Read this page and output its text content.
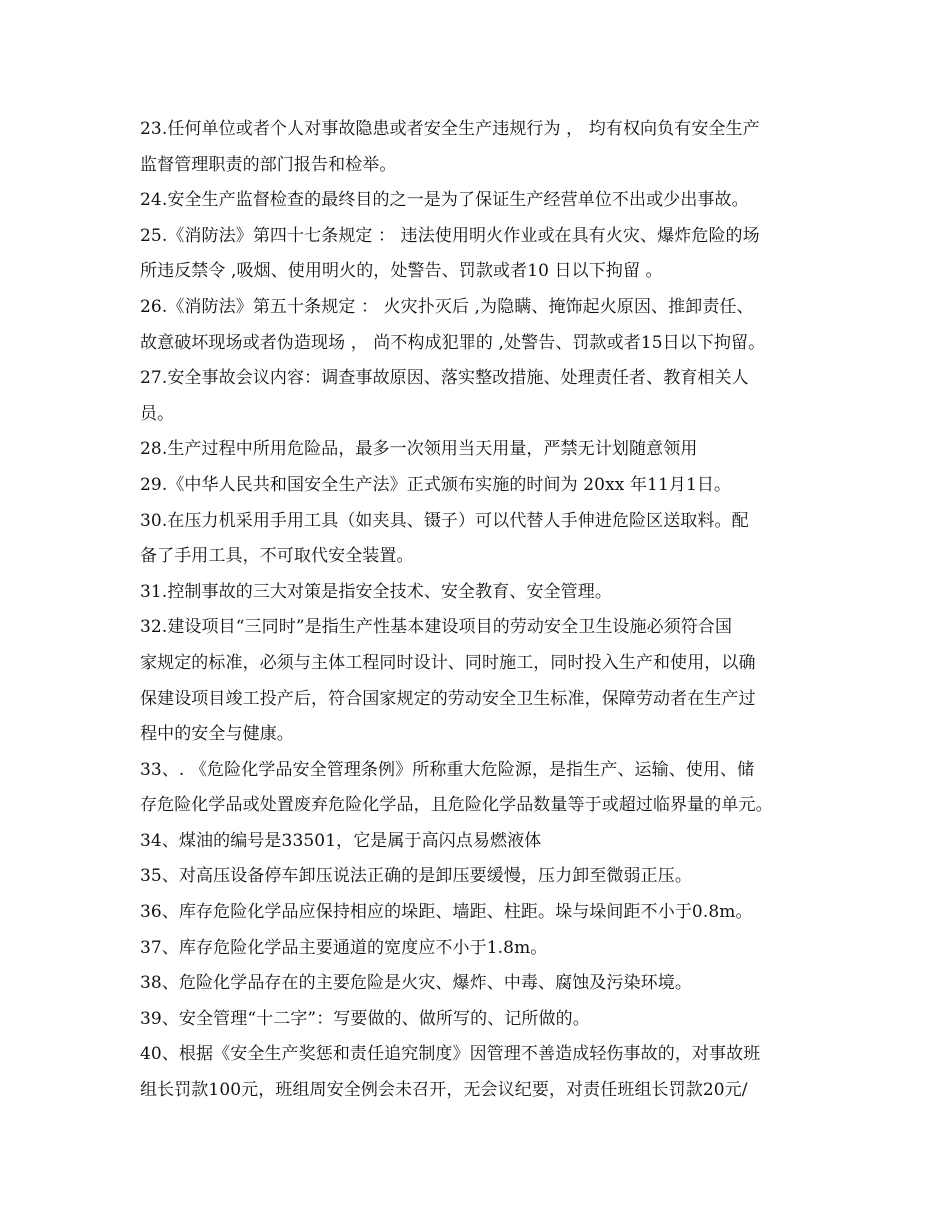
23.任何单位或者个人对事故隐患或者安全生产违规行为 ， 均有权向负有安全生产
监督管理职责的部门报告和检举。
24.安全生产监督检查的最终目的之一是为了保证生产经营单位不出或少出事故。
25.《消防法》第四十七条规定 ： 违法使用明火作业或在具有火灾、爆炸危险的场
所违反禁令 ,吸烟、使用明火的，处警告、罚款或者10 日以下拘留 。
26.《消防法》第五十条规定 ： 火灾扑灭后 ,为隐瞒、掩饰起火原因、推卸责任、
故意破坏现场或者伪造现场 ， 尚不构成犯罪的 ,处警告、罚款或者15日以下拘留。
27.安全事故会议内容：调查事故原因、落实整改措施、处理责任者、教育相关人
员。
28.生产过程中所用危险品，最多一次领用当天用量，严禁无计划随意领用
29.《中华人民共和国安全生产法》正式颁布实施的时间为 20xx 年11月1日。
30.在压力机采用手用工具（如夹具、镊子）可以代替人手伸进危险区送取料。配
备了手用工具，不可取代安全装置。
31.控制事故的三大对策是指安全技术、安全教育、安全管理。
32.建设项目“三同时”是指生产性基本建设项目的劳动安全卫生设施必须符合国
家规定的标准，必须与主体工程同时设计、同时施工，同时投入生产和使用，以确
保建设项目竣工投产后，符合国家规定的劳动安全卫生标准，保障劳动者在生产过
程中的安全与健康。
33、. 《危险化学品安全管理条例》所称重大危险源，是指生产、运输、使用、储
存危险化学品或处置废弃危险化学品，且危险化学品数量等于或超过临界量的单元。
34、煤油的编号是33501，它是属于高闪点易燃液体
35、对高压设备停车卸压说法正确的是卸压要缓慢，压力卸至微弱正压。
36、库存危险化学品应保持相应的垛距、墙距、柱距。垛与垛间距不小于0.8m。
37、库存危险化学品主要通道的宽度应不小于1.8m。
38、危险化学品存在的主要危险是火灾、爆炸、中毒、腐蚀及污染环境。
39、安全管理“十二字”：写要做的、做所写的、记所做的。
40、根据《安全生产奖惩和责任追究制度》因管理不善造成轻伤事故的，对事故班
组长罚款100元，班组周安全例会未召开，无会议纪要，对责任班组长罚款20元/
